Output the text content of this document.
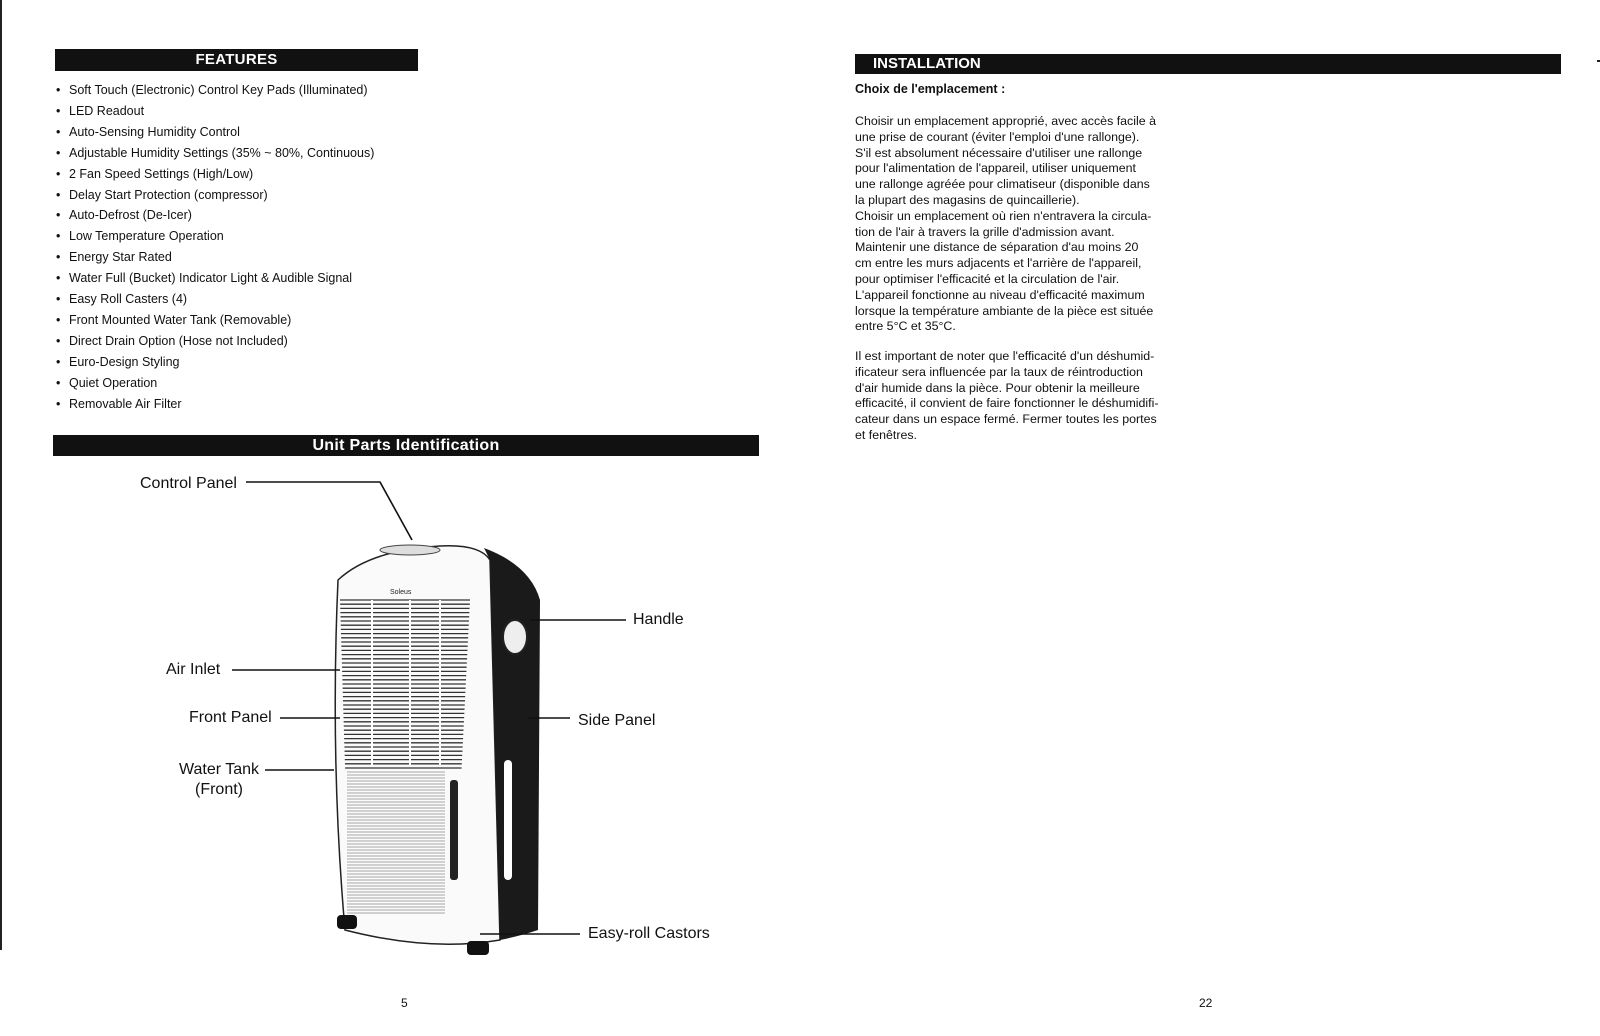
FEATURES
• Soft Touch (Electronic) Control Key Pads (Illuminated)
• LED Readout
• Auto-Sensing Humidity Control
• Adjustable Humidity Settings (35% ~ 80%, Continuous)
• 2 Fan Speed Settings (High/Low)
• Delay Start Protection (compressor)
• Auto-Defrost (De-Icer)
• Low Temperature Operation
• Energy Star Rated
• Water Full (Bucket) Indicator Light & Audible Signal
• Easy Roll Casters (4)
• Front Mounted Water Tank (Removable)
• Direct Drain Option (Hose not Included)
• Euro-Design Styling
• Quiet Operation
• Removable Air Filter
Unit Parts Identification
Soleus
Control Panel
Handle
Air Inlet
Front Panel	Side Panel
Water Tank
(Front)
Easy-roll Castors
5
INSTALLATION
Choix de l'emplacement :
Choisir un emplacement approprié, avec accès facile à
une prise de courant (éviter l'emploi d'une rallonge).
S'il est absolument nécessaire d'utiliser une rallonge
pour l'alimentation de l'appareil, utiliser uniquement
une rallonge agréée pour climatiseur (disponible dans
la plupart des magasins de quincaillerie).
Choisir un emplacement où rien n'entravera la circula-
tion de l'air à travers la grille d'admission avant.
Maintenir une distance de séparation d'au moins 20
cm entre les murs adjacents et l'arrière de l'appareil,
pour optimiser l'efficacité et la circulation de l'air.
L'appareil fonctionne au niveau d'efficacité maximum
lorsque la température ambiante de la pièce est située
entre 5°C et 35°C.
Il est important de noter que l'efficacité d'un déshumid-
ificateur sera influencée par la taux de réintroduction
d'air humide dans la pièce. Pour obtenir la meilleure
efficacité, il convient de faire fonctionner le déshumidifi-
cateur dans un espace fermé. Fermer toutes les portes
et fenêtres.
22
